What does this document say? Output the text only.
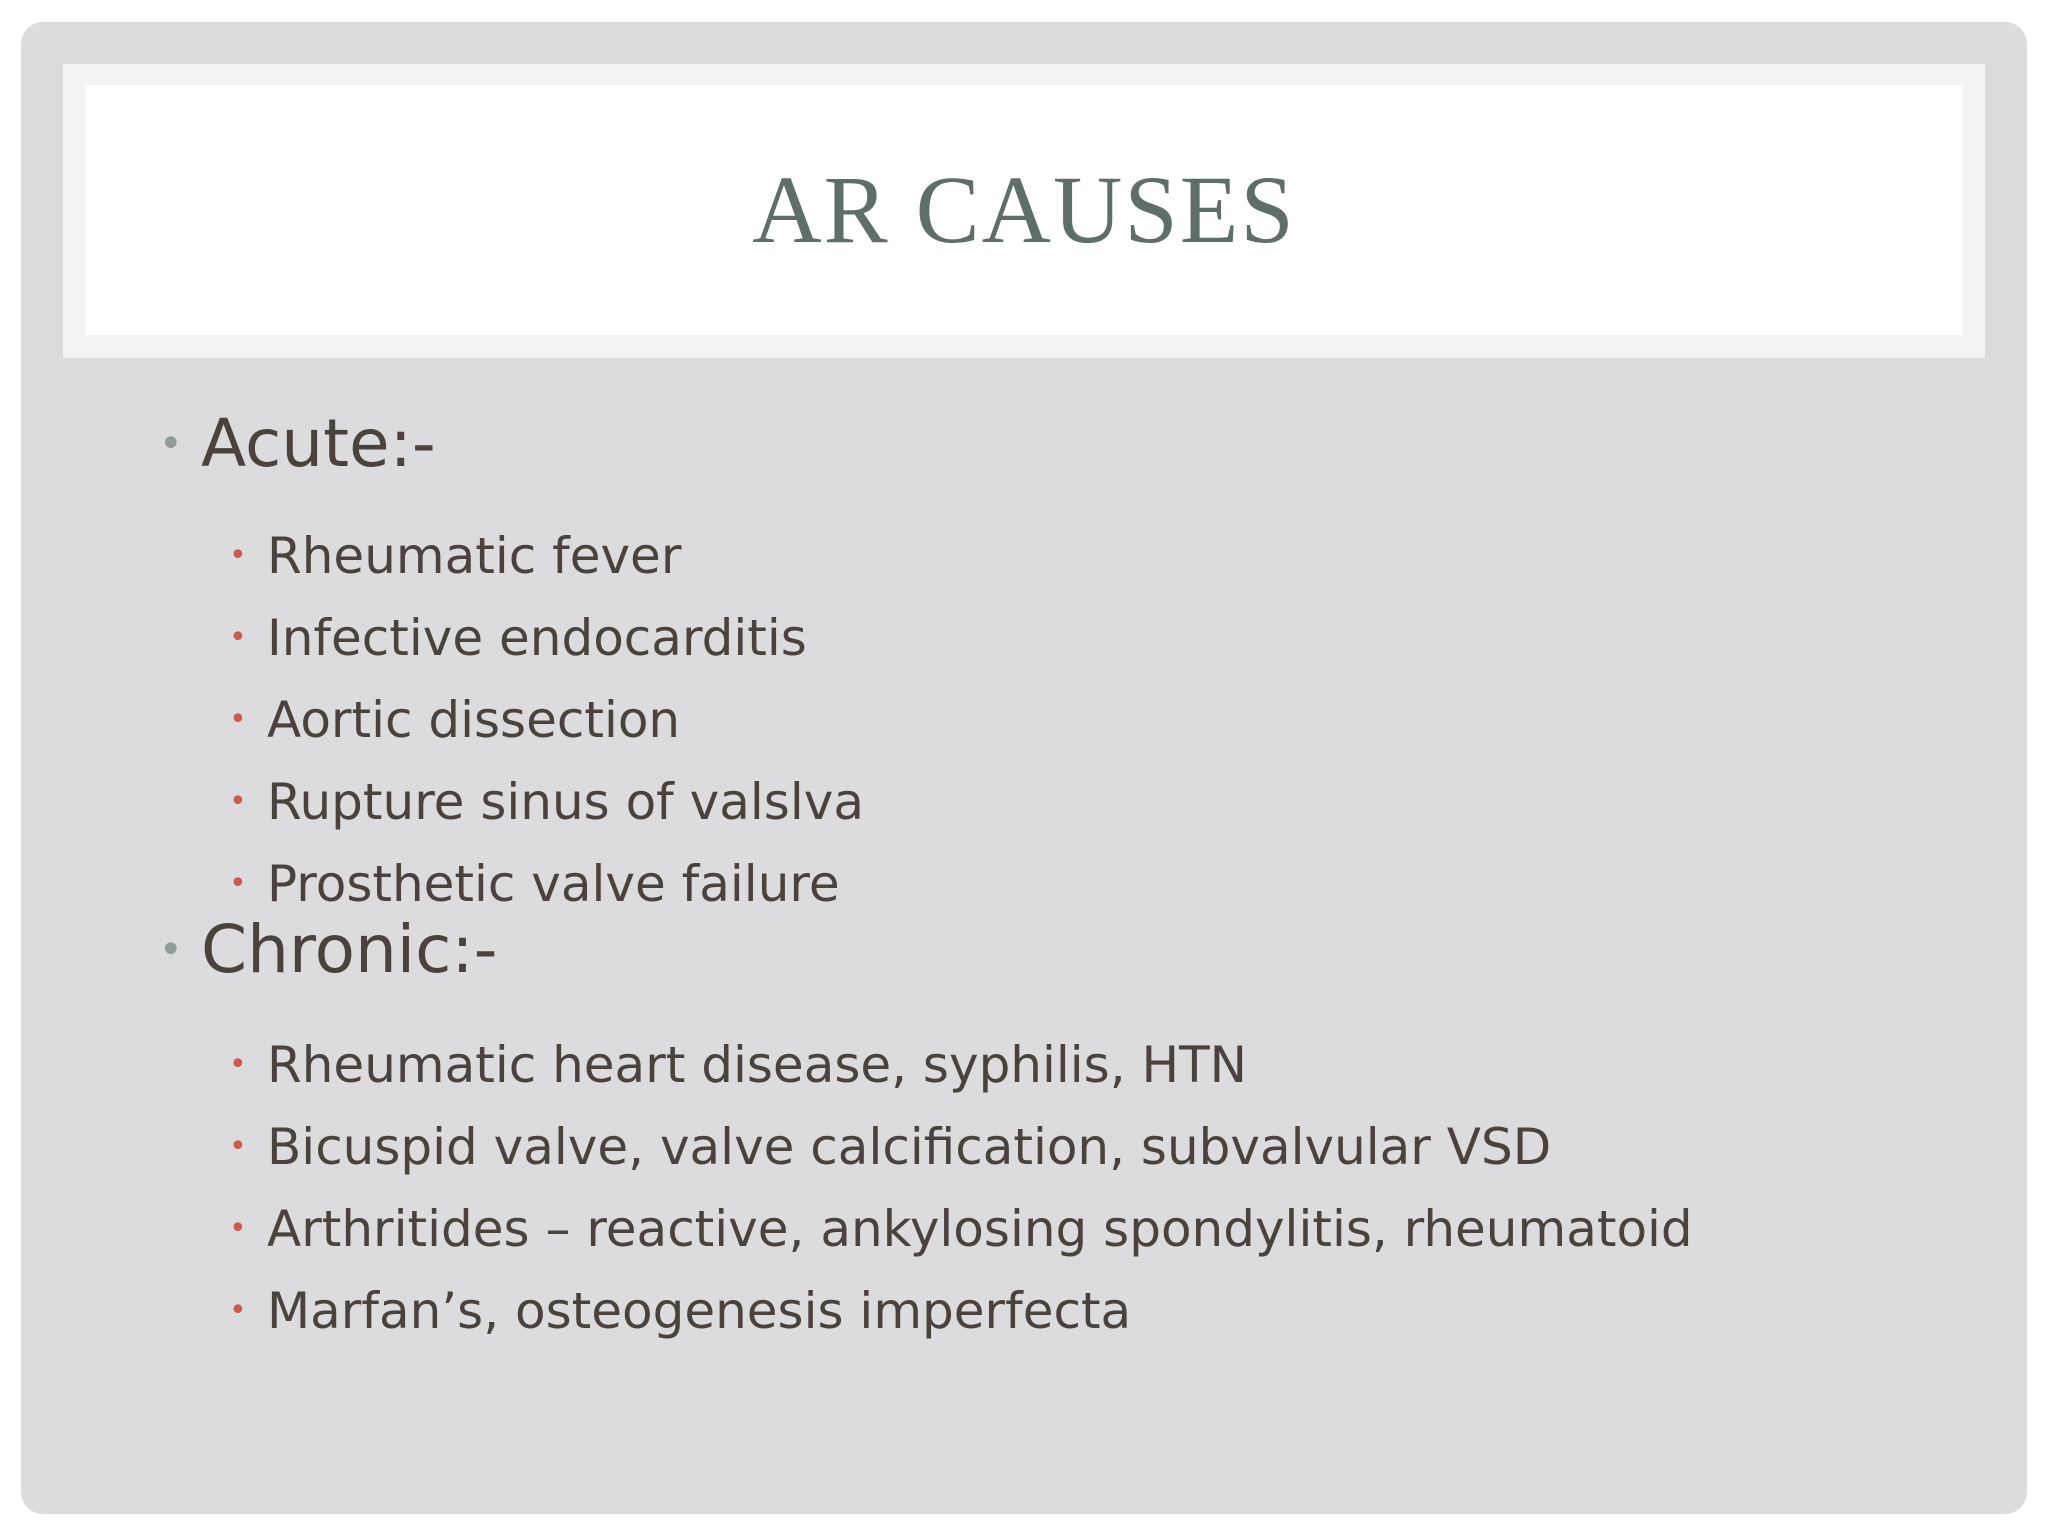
AR CAUSES
• Acute:-
• Rheumatic fever
• Infective endocarditis
• Aortic dissection
• Rupture sinus of valslva
• Prosthetic valve failure
• Chronic:-
• Rheumatic heart disease, syphilis, HTN
• Bicuspid valve, valve calcification, subvalvular VSD
• Arthritides – reactive, ankylosing spondylitis, rheumatoid
• Marfan’s, osteogenesis imperfecta
